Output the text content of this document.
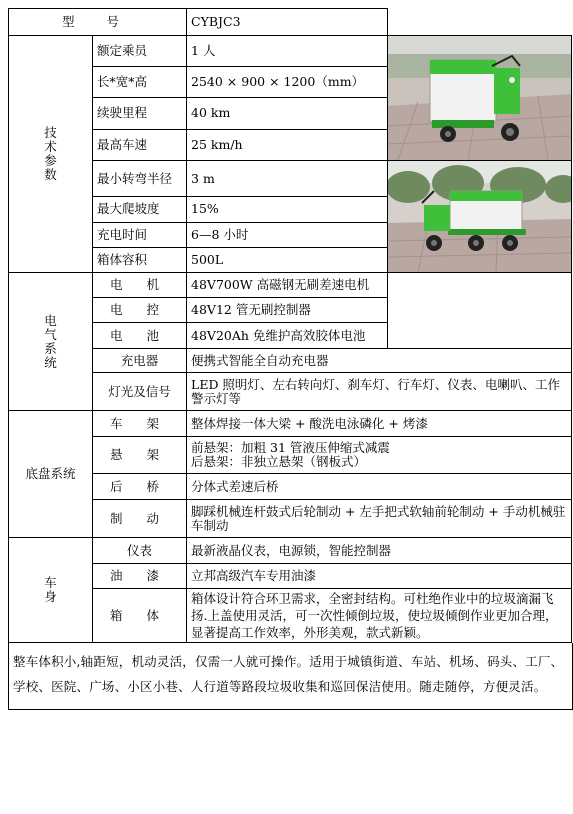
型 号		CYBJC3	

技
术
参
数	额定乘员	1 人	

	长*宽*高	2540 × 900 × 1200（mm）	
	续驶里程	40 km	
	最高车速	25 km/h	
	最小转弯半径	3 m	

	最大爬坡度	15%	
	充电时间	6—8 小时	
	箱体容积	500L	

电
气
系
统	电 机	48V700W 高磁钢无刷差速电机	
	电 控	48V12 管无刷控制器	
	电 池	48V20Ah 免维护高效胶体电池	
	充电器	便携式智能全自动充电器	
	灯光及信号	LED 照明灯、左右转向灯、刹车灯、行车灯、仪表、电喇叭、工作警示灯等	
底盘系统	车 架	整体焊接一体大梁 + 酸洗电泳磷化 + 烤漆	
	悬 架	前悬架：加粗 31 管液压伸缩式减震
后悬架：非独立悬架（钢板式）	

	后 桥	分体式差速后桥	
	制 动	脚踩机械连杆鼓式后轮制动 + 左手把式软轴前轮制动 + 手动机械驻车制动	

车
身	仪表	最新液晶仪表，电源锁，智能控制器	
	油 漆	立邦高级汽车专用油漆	
	箱 体	箱体设计符合环卫需求，全密封结构。可杜绝作业中的垃圾滴漏飞扬.上盖使用灵活，可一次性倾倒垃圾，使垃圾倾倒作业更加合理，显著提高工作效率，外形美观，款式新颖。	
整车体积小,轴距短，机动灵活，仅需一人就可操作。适用于城镇街道、车站、机场、码头、工厂、学校、医院、广场、小区小巷、人行道等路段垃圾收集和巡回保洁使用。随走随停，方便灵活。
